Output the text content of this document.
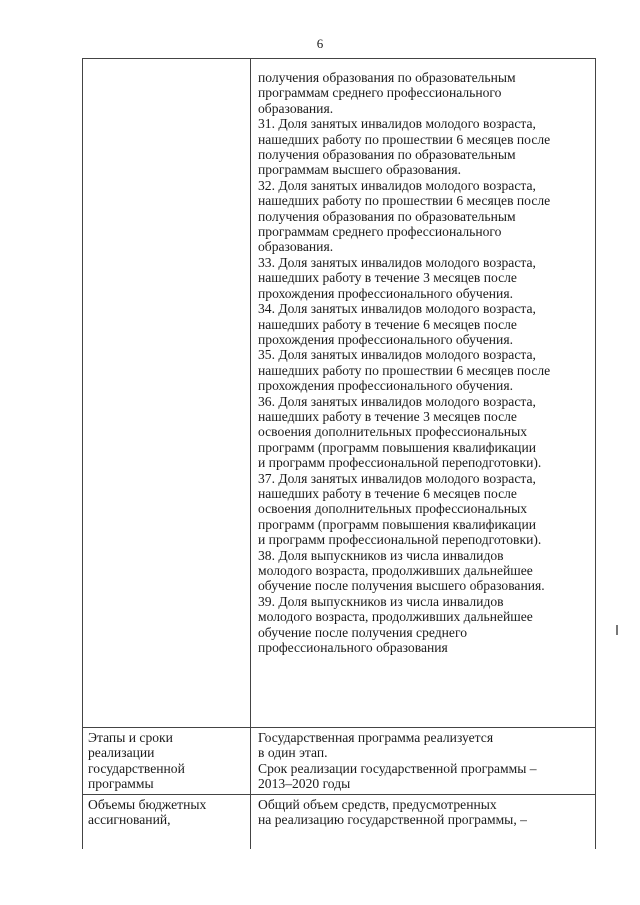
6
получения образования по образовательным
программам среднего профессионального
образования.
31. Доля занятых инвалидов молодого возраста,
нашедших работу по прошествии 6 месяцев после
получения образования по образовательным
программам высшего образования.
32. Доля занятых инвалидов молодого возраста,
нашедших работу по прошествии 6 месяцев после
получения образования по образовательным
программам среднего профессионального
образования.
33. Доля занятых инвалидов молодого возраста,
нашедших работу в течение 3 месяцев после
прохождения профессионального обучения.
34. Доля занятых инвалидов молодого возраста,
нашедших работу в течение 6 месяцев после
прохождения профессионального обучения.
35. Доля занятых инвалидов молодого возраста,
нашедших работу по прошествии 6 месяцев после
прохождения профессионального обучения.
36. Доля занятых инвалидов молодого возраста,
нашедших работу в течение 3 месяцев после
освоения дополнительных профессиональных
программ (программ повышения квалификации
и программ профессиональной переподготовки).
37. Доля занятых инвалидов молодого возраста,
нашедших работу в течение 6 месяцев после
освоения дополнительных профессиональных
программ (программ повышения квалификации
и программ профессиональной переподготовки).
38. Доля выпускников из числа инвалидов
молодого возраста, продолживших дальнейшее
обучение после получения высшего образования.
39. Доля выпускников из числа инвалидов
молодого возраста, продолживших дальнейшее
обучение после получения среднего
профессионального образования
Этапы и сроки
реализации
государственной
программы
Государственная программа реализуется
в один этап.
Срок реализации государственной программы –
2013–2020 годы
Объемы бюджетных
ассигнований,
Общий объем средств, предусмотренных
на реализацию государственной программы, –
